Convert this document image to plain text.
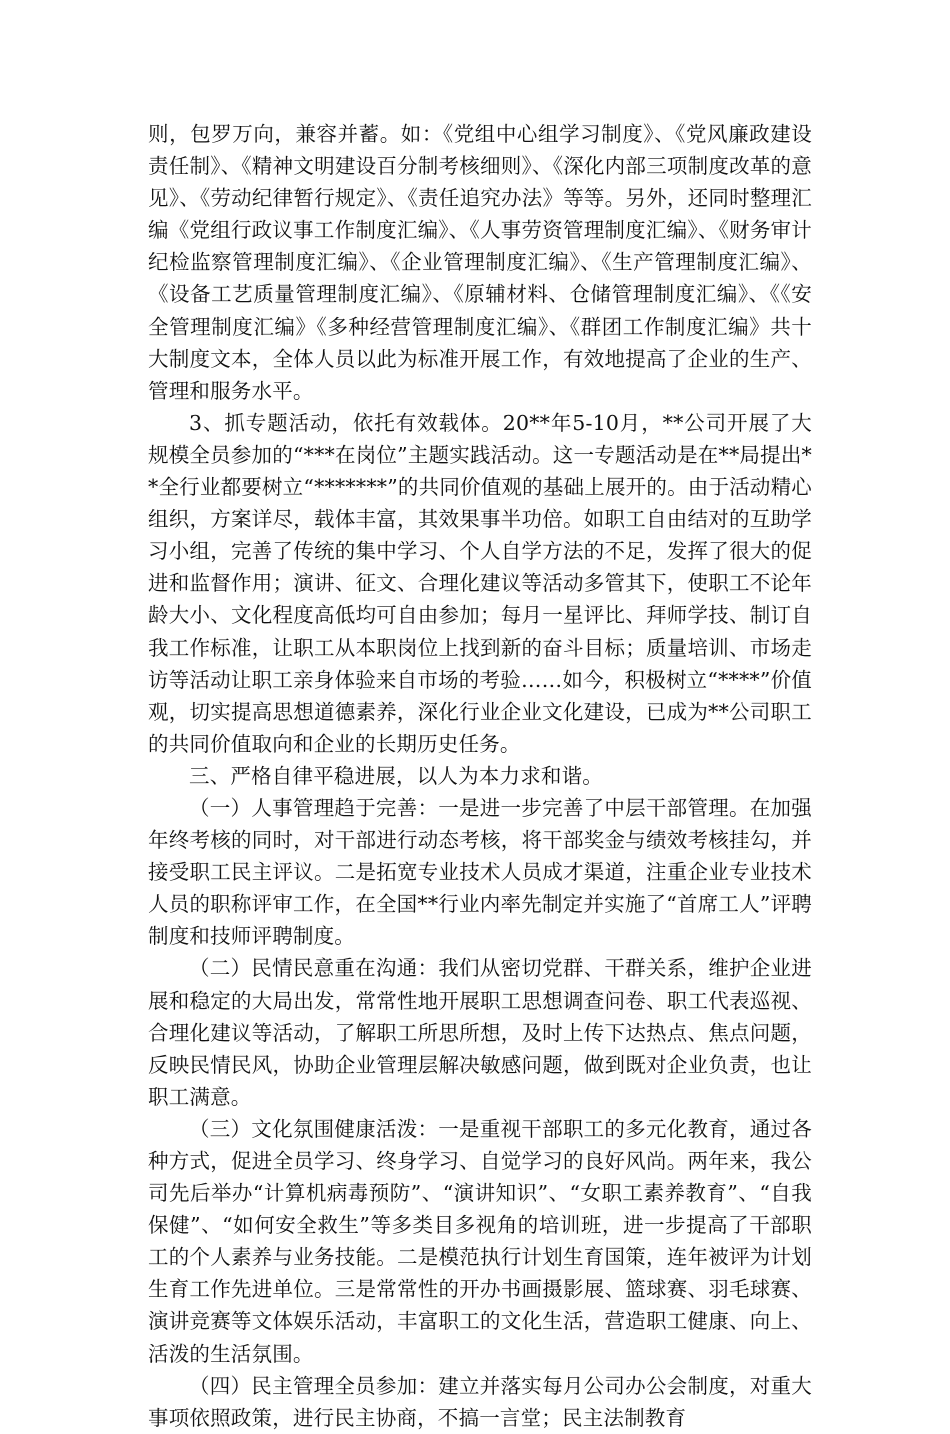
则，包罗万向，兼容并蓄。如：《党组中心组学习制度》、《党风廉政建设责任制》、《精神文明建设百分制考核细则》、《深化内部三项制度改革的意见》、《劳动纪律暂行规定》、《责任追究办法》等等。另外，还同时整理汇编《党组行政议事工作制度汇编》、《人事劳资管理制度汇编》、《财务审计纪检监察管理制度汇编》、《企业管理制度汇编》、《生产管理制度汇编》、《设备工艺质量管理制度汇编》、《原辅材料、仓储管理制度汇编》、《《安全管理制度汇编》《多种经营管理制度汇编》、《群团工作制度汇编》共十大制度文本，全体人员以此为标准开展工作，有效地提高了企业的生产、管理和服务水平。

3、抓专题活动，依托有效载体。20**年5-10月，**公司开展了大规模全员参加的“***在岗位”主题实践活动。这一专题活动是在**局提出**全行业都要树立“*******”的共同价值观的基础上展开的。由于活动精心组织，方案详尽，载体丰富，其效果事半功倍。如职工自由结对的互助学习小组，完善了传统的集中学习、个人自学方法的不足，发挥了很大的促进和监督作用；演讲、征文、合理化建议等活动多管其下，使职工不论年龄大小、文化程度高低均可自由参加；每月一星评比、拜师学技、制订自我工作标准，让职工从本职岗位上找到新的奋斗目标；质量培训、市场走访等活动让职工亲身体验来自市场的考验……如今，积极树立“****”价值观，切实提高思想道德素养，深化行业企业文化建设，已成为**公司职工的共同价值取向和企业的长期历史任务。

三、严格自律平稳进展，以人为本力求和谐。

（一）人事管理趋于完善：一是进一步完善了中层干部管理。在加强年终考核的同时，对干部进行动态考核，将干部奖金与绩效考核挂勾，并接受职工民主评议。二是拓宽专业技术人员成才渠道，注重企业专业技术人员的职称评审工作，在全国**行业内率先制定并实施了“首席工人”评聘制度和技师评聘制度。

（二）民情民意重在沟通：我们从密切党群、干群关系，维护企业进展和稳定的大局出发，常常性地开展职工思想调查问卷、职工代表巡视、合理化建议等活动，了解职工所思所想，及时上传下达热点、焦点问题，反映民情民风，协助企业管理层解决敏感问题，做到既对企业负责，也让职工满意。

（三）文化氛围健康活泼：一是重视干部职工的多元化教育，通过各种方式，促进全员学习、终身学习、自觉学习的良好风尚。两年来，我公司先后举办“计算机病毒预防”、“演讲知识”、“女职工素养教育”、“自我保健”、“如何安全救生”等多类目多视角的培训班，进一步提高了干部职工的个人素养与业务技能。二是模范执行计划生育国策，连年被评为计划生育工作先进单位。三是常常性的开办书画摄影展、篮球赛、羽毛球赛、演讲竞赛等文体娱乐活动，丰富职工的文化生活，营造职工健康、向上、活泼的生活氛围。

（四）民主管理全员参加：建立并落实每月公司办公会制度，对重大事项依照政策，进行民主协商，不搞一言堂；民主法制教育
